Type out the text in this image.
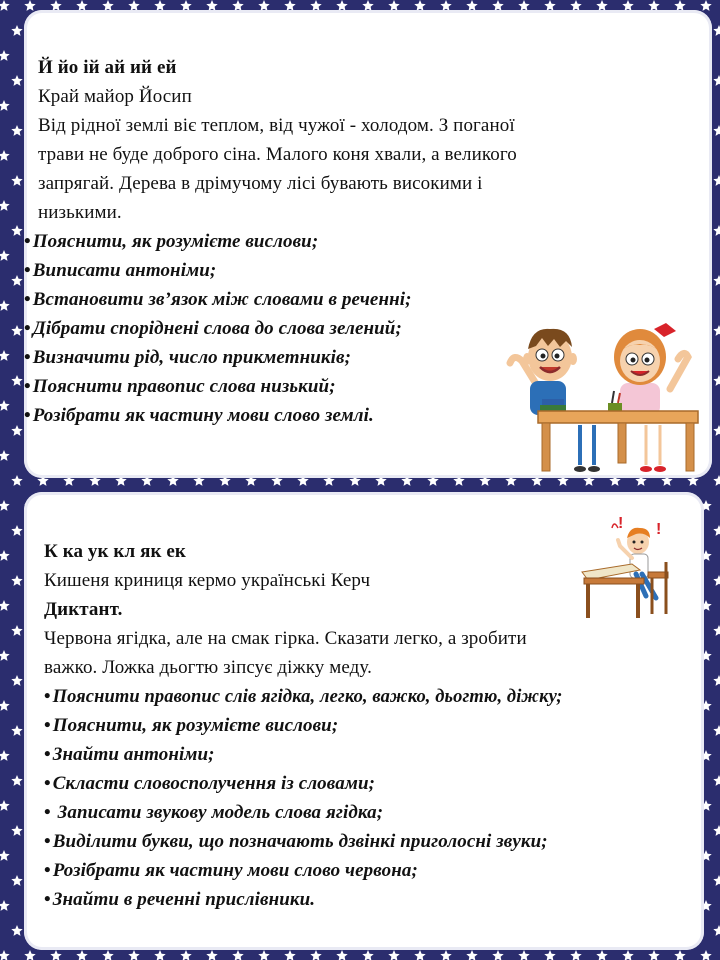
Й йо ій ай ий ей
Край майор Йосип
Від рідної землі віє теплом, від чужої - холодом. З поганої
трави не буде доброго сіна. Малого коня хвали, а великого
запрягай. Дерева в дрімучому лісі бувають високими і
низькими.
• Пояснити, як розумієте вислови;
• Виписати антоніми;
• Встановити зв’язок між словами в реченні;
• Дібрати споріднені слова до слова зелений;
• Визначити рід, число прикметників;
• Пояснити правопис слова низький;
• Розібрати як частину мови слово землі.
К ка ук кл як ек
Кишеня криниця кермо українські Керч
Диктант.
Червона ягідка, але на смак гірка. Сказати легко, а зробити
важко. Ложка дьогтю зіпсує діжку меду.
• Пояснити правопис слів ягідка, легко, важко, дьогтю, діжку;
• Пояснити, як розумієте вислови;
• Знайти антоніми;
• Скласти словосполучення із словами;
• Записати звукову модель слова ягідка;
• Виділити букви, що позначають дзвінкі приголосні звуки;
• Розібрати як частину мови слово червона;
• Знайти в реченні прислівники.
! !
